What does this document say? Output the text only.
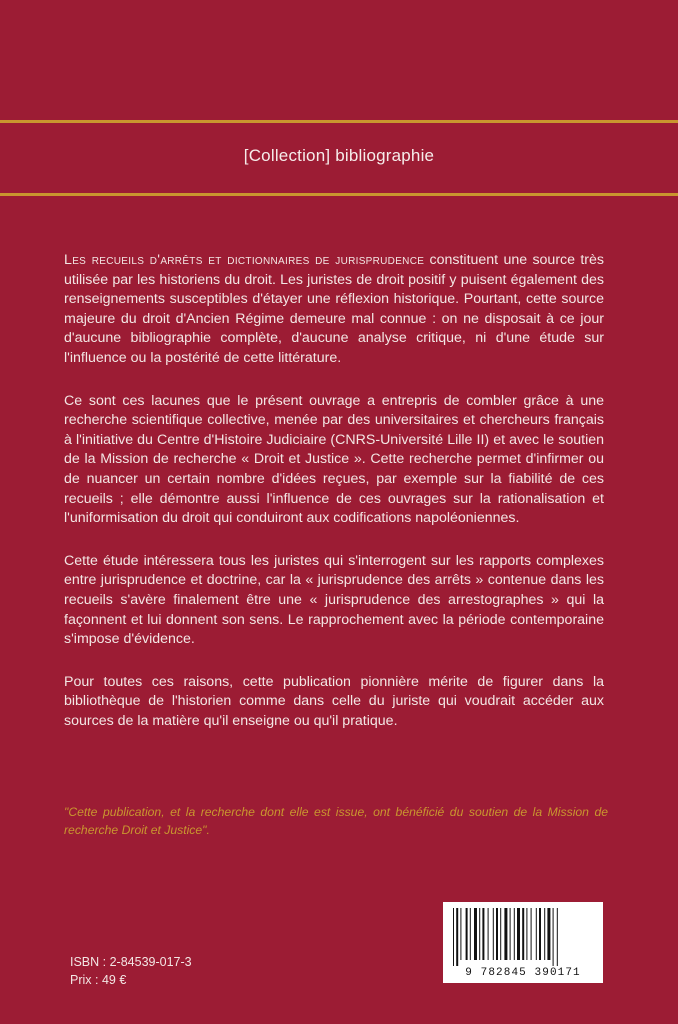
[Collection] bibliographie

Les recueils d'arrêts et dictionnaires de jurisprudence constituent une source très utilisée par les historiens du droit. Les juristes de droit positif y puisent également des renseignements susceptibles d'étayer une réflexion historique. Pourtant, cette source majeure du droit d'Ancien Régime demeure mal connue : on ne disposait à ce jour d'aucune bibliographie complète, d'aucune analyse critique, ni d'une étude sur l'influence ou la postérité de cette littérature.

Ce sont ces lacunes que le présent ouvrage a entrepris de combler grâce à une recherche scientifique collective, menée par des universitaires et chercheurs français à l'initiative du Centre d'Histoire Judiciaire (CNRS-Université Lille II) et avec le soutien de la Mission de recherche « Droit et Justice ». Cette recherche permet d'infirmer ou de nuancer un certain nombre d'idées reçues, par exemple sur la fiabilité de ces recueils ; elle démontre aussi l'influence de ces ouvrages sur la rationalisation et l'uniformisation du droit qui conduiront aux codifications napoléoniennes.

Cette étude intéressera tous les juristes qui s'interrogent sur les rapports complexes entre jurisprudence et doctrine, car la « jurisprudence des arrêts » contenue dans les recueils s'avère finalement être une « jurisprudence des arrestographes » qui la façonnent et lui donnent son sens. Le rapprochement avec la période contemporaine s'impose d'évidence.

Pour toutes ces raisons, cette publication pionnière mérite de figurer dans la bibliothèque de l'historien comme dans celle du juriste qui voudrait accéder aux sources de la matière qu'il enseigne ou qu'il pratique.

"Cette publication, et la recherche dont elle est issue, ont bénéficié du soutien de la Mission de recherche Droit et Justice".
ISBN : 2-84539-017-3
Prix : 49 €	9 782845 390171
